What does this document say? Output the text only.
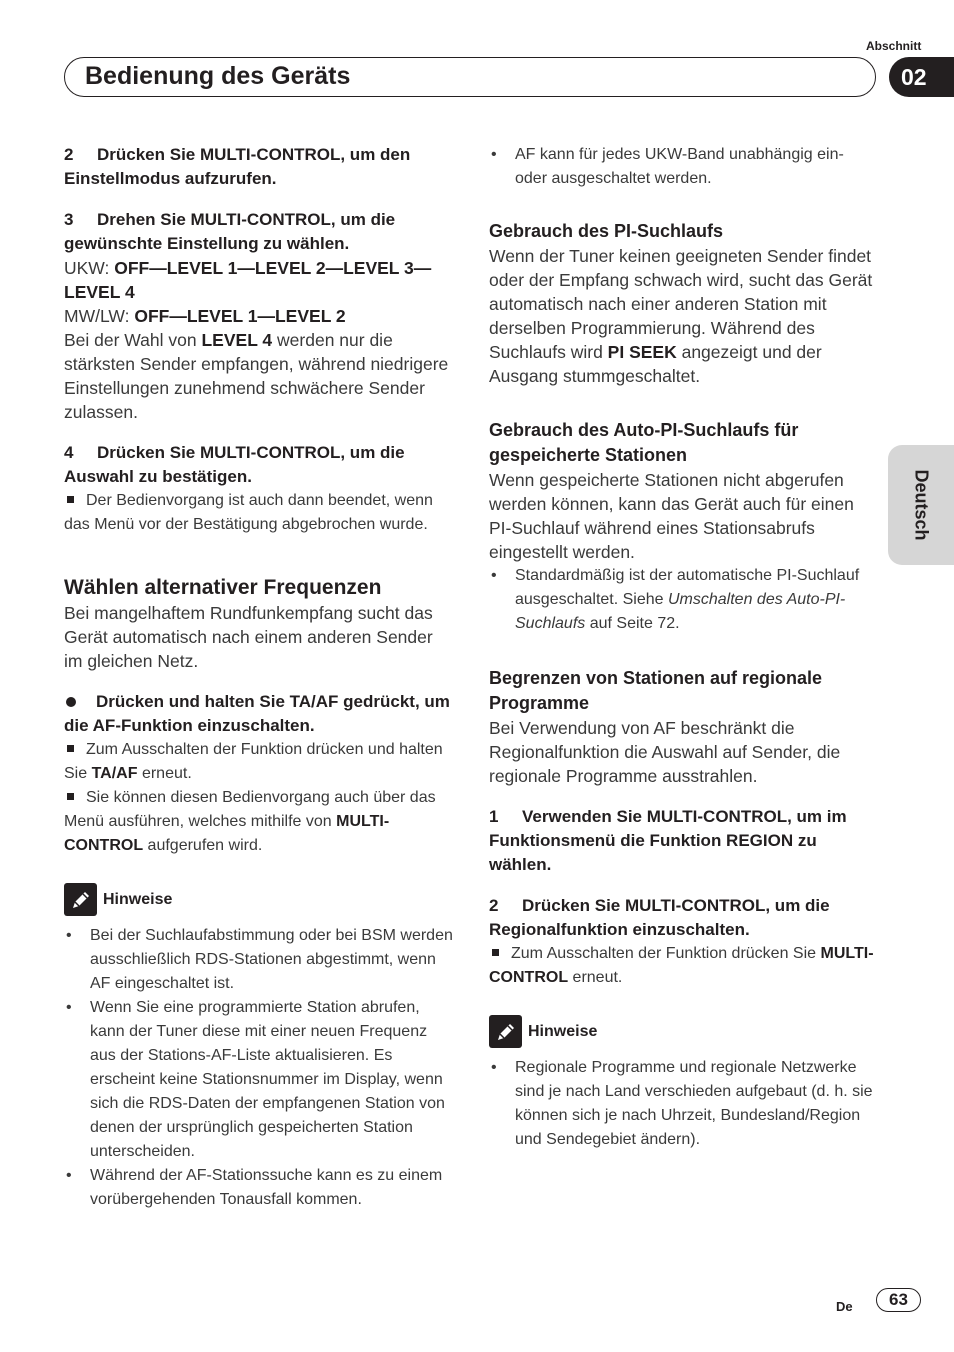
Abschnitt
Bedienung des Geräts	02
Deutsch
2 Drücken Sie MULTI-CONTROL, um den Einstellmodus aufzurufen.
3 Drehen Sie MULTI-CONTROL, um die gewünschte Einstellung zu wählen.
UKW: OFF—LEVEL 1—LEVEL 2—LEVEL 3—LEVEL 4
MW/LW: OFF—LEVEL 1—LEVEL 2
Bei der Wahl von LEVEL 4 werden nur die stärksten Sender empfangen, während niedrigere Einstellungen zunehmend schwächere Sender zulassen.
4 Drücken Sie MULTI-CONTROL, um die Auswahl zu bestätigen.
Der Bedienvorgang ist auch dann beendet, wenn das Menü vor der Bestätigung abgebrochen wurde.
Wählen alternativer Frequenzen
Bei mangelhaftem Rundfunkempfang sucht das Gerät automatisch nach einem anderen Sender im gleichen Netz.
Drücken und halten Sie TA/AF gedrückt, um die AF-Funktion einzuschalten.
Zum Ausschalten der Funktion drücken und halten Sie TA/AF erneut.
Sie können diesen Bedienvorgang auch über das Menü ausführen, welches mithilfe von MULTI-CONTROL aufgerufen wird.
Hinweise
• Bei der Suchlaufabstimmung oder bei BSM werden ausschließlich RDS-Stationen abgestimmt, wenn AF eingeschaltet ist.
• Wenn Sie eine programmierte Station abrufen, kann der Tuner diese mit einer neuen Frequenz aus der Stations-AF-Liste aktualisieren. Es erscheint keine Stationsnummer im Display, wenn sich die RDS-Daten der empfangenen Station von denen der ursprünglich gespeicherten Station unterscheiden.
• Während der AF-Stationssuche kann es zu einem vorübergehenden Tonausfall kommen.
• AF kann für jedes UKW-Band unabhängig ein- oder ausgeschaltet werden.
Gebrauch des PI-Suchlaufs
Wenn der Tuner keinen geeigneten Sender findet oder der Empfang schwach wird, sucht das Gerät automatisch nach einer anderen Station mit derselben Programmierung. Während des Suchlaufs wird PI SEEK angezeigt und der Ausgang stummgeschaltet.
Gebrauch des Auto-PI-Suchlaufs für gespeicherte Stationen
Wenn gespeicherte Stationen nicht abgerufen werden können, kann das Gerät auch für einen PI-Suchlauf während eines Stationsabrufs eingestellt werden.
• Standardmäßig ist der automatische PI-Suchlauf ausgeschaltet. Siehe Umschalten des Auto-PI-Suchlaufs auf Seite 72.
Begrenzen von Stationen auf regionale Programme
Bei Verwendung von AF beschränkt die Regionalfunktion die Auswahl auf Sender, die regionale Programme ausstrahlen.
1 Verwenden Sie MULTI-CONTROL, um im Funktionsmenü die Funktion REGION zu wählen.
2 Drücken Sie MULTI-CONTROL, um die Regionalfunktion einzuschalten.
Zum Ausschalten der Funktion drücken Sie MULTI-CONTROL erneut.
Hinweise
• Regionale Programme und regionale Netzwerke sind je nach Land verschieden aufgebaut (d. h. sie können sich je nach Uhrzeit, Bundesland/Region und Sendegebiet ändern).
De	63
